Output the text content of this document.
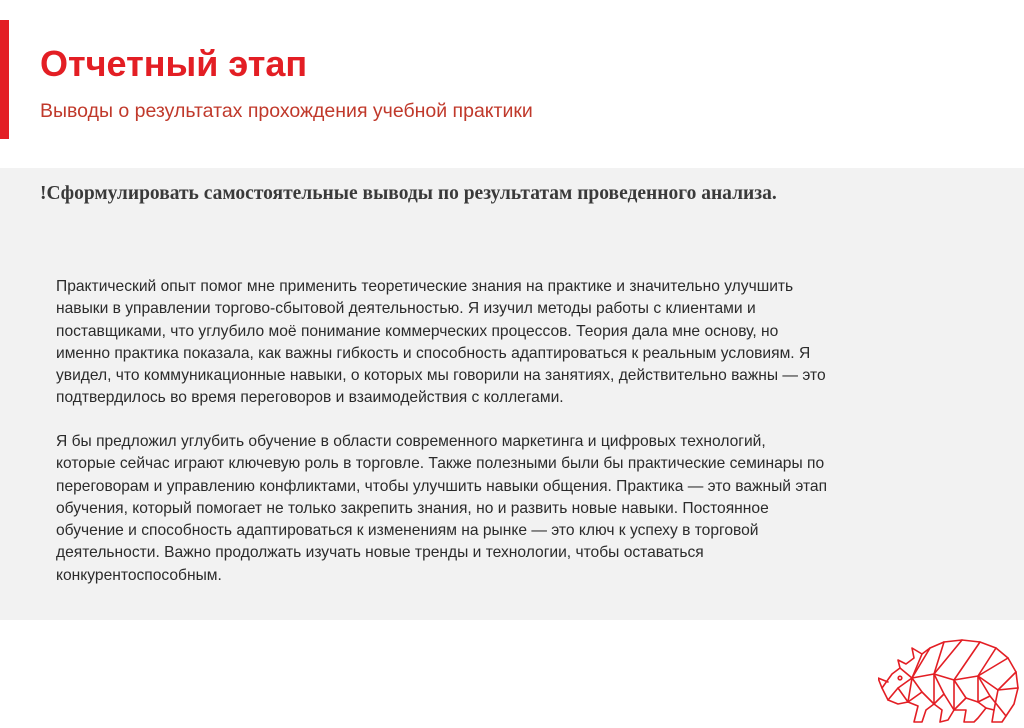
Отчетный этап
Выводы о результатах прохождения учебной практики
!Сформулировать самостоятельные выводы по результатам проведенного анализа.

Практический опыт помог мне применить теоретические знания на практике и значительно улучшить
навыки в управлении торгово-сбытовой деятельностью. Я изучил методы работы с клиентами и
поставщиками, что углубило моё понимание коммерческих процессов. Теория дала мне основу, но
именно практика показала, как важны гибкость и способность адаптироваться к реальным условиям. Я
увидел, что коммуникационные навыки, о которых мы говорили на занятиях, действительно важны — это
подтвердилось во время переговоров и взаимодействия с коллегами.

Я бы предложил углубить обучение в области современного маркетинга и цифровых технологий,
которые сейчас играют ключевую роль в торговле. Также полезными были бы практические семинары по
переговорам и управлению конфликтами, чтобы улучшить навыки общения. Практика — это важный этап
обучения, который помогает не только закрепить знания, но и развить новые навыки. Постоянное
обучение и способность адаптироваться к изменениям на рынке — это ключ к успеху в торговой
деятельности. Важно продолжать изучать новые тренды и технологии, чтобы оставаться
конкурентоспособным.
